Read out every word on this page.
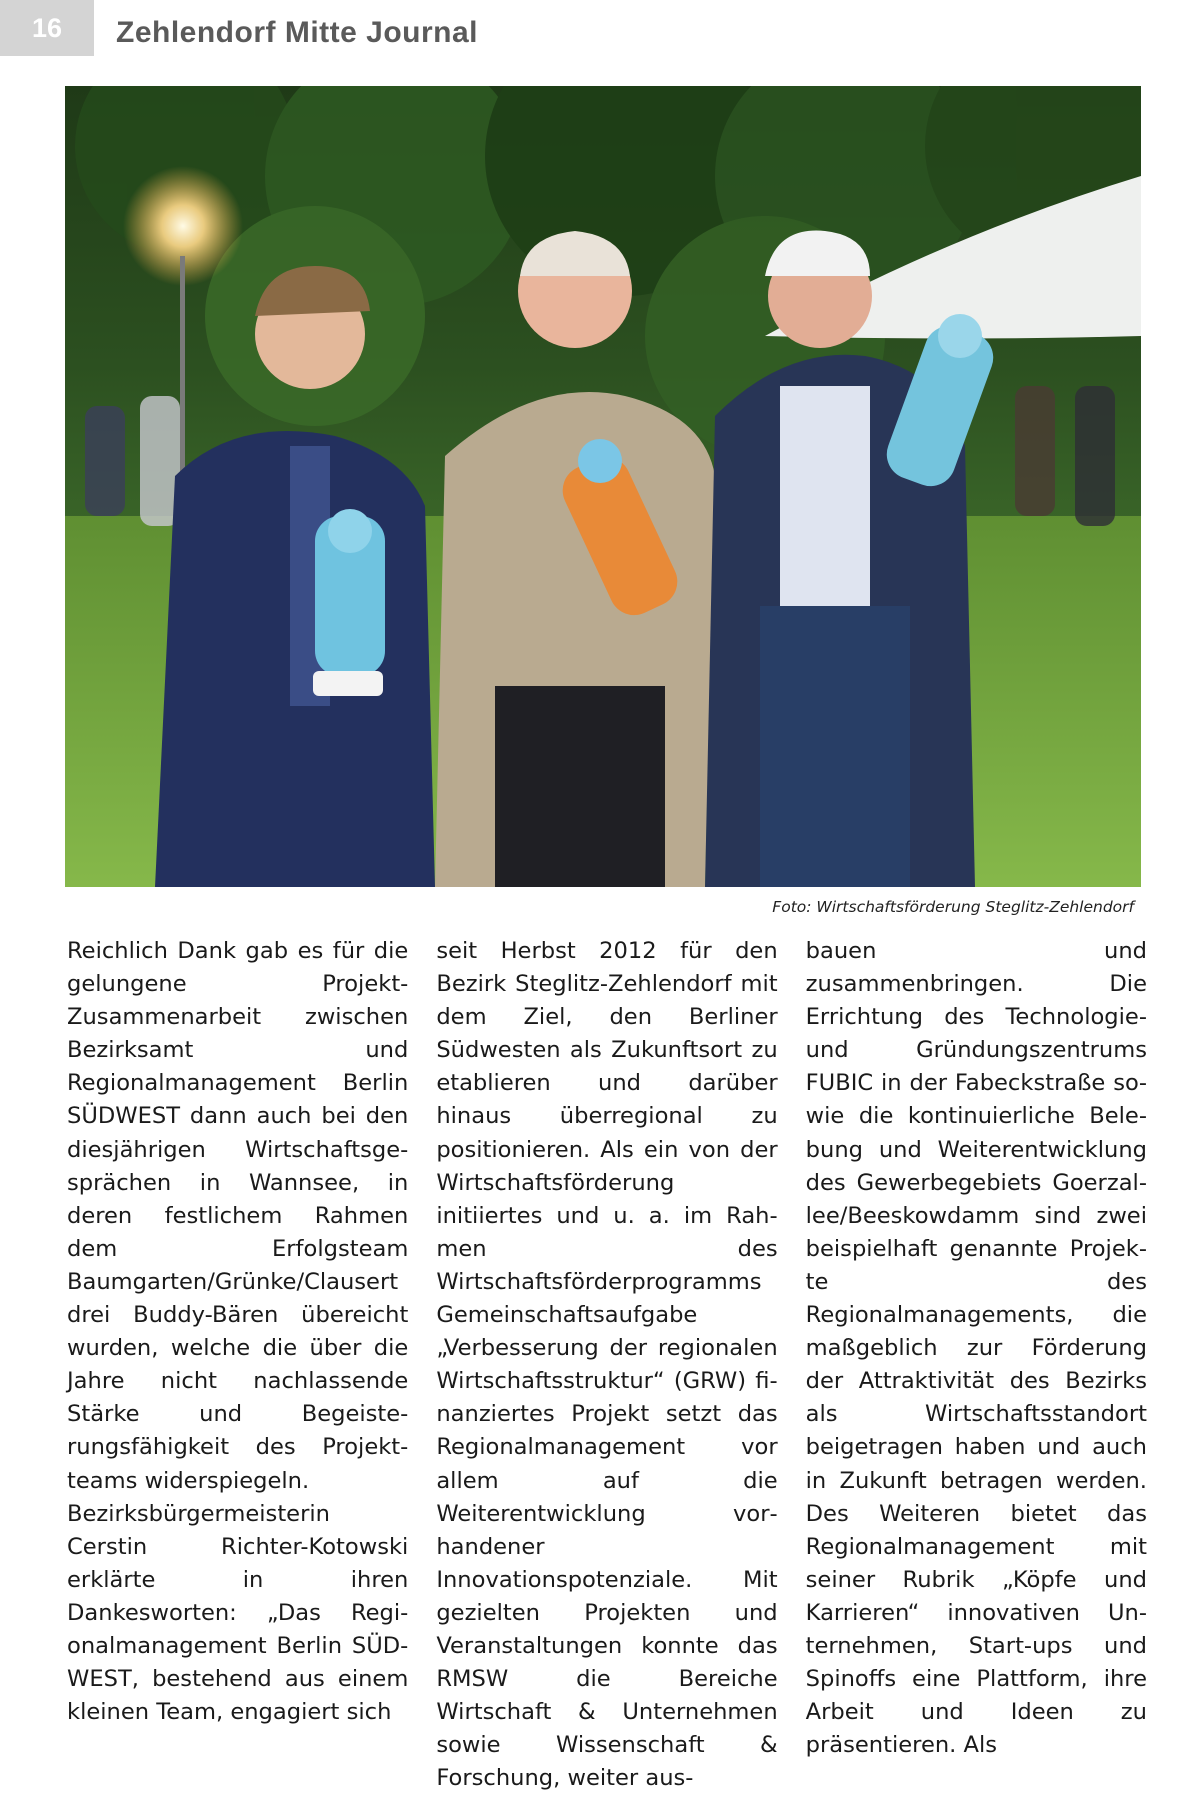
16	Zehlendorf Mitte Journal
Foto: Wirtschaftsförderung Steglitz-Zehlendorf

Reichlich Dank gab es für die gelungene Projekt-Zusammenarbeit zwischen Bezirksamt und Regionalmanagement Berlin SÜDWEST dann auch bei den diesjährigen Wirtschaftsgesprächen in Wannsee, in deren festlichem Rahmen dem Erfolgsteam Baumgarten/Grünke/Clausert drei Buddy-Bären übereicht wurden, welche die über die Jahre nicht nachlassende Stärke und Begeisterungsfähigkeit des Projektteams widerspiegeln.

Bezirksbürgermeisterin Cerstin Richter-Kotowski erklärte in ihren Dankesworten: „Das Regionalmanagement Berlin SÜDWEST, bestehend aus einem kleinen Team, engagiert sich

seit Herbst 2012 für den Bezirk Steglitz-Zehlendorf mit dem Ziel, den Berliner Südwesten als Zukunftsort zu etablieren und darüber hinaus überregional zu positionieren. Als ein von der Wirtschaftsförderung initiiertes und u. a. im Rahmen des Wirtschaftsförderprogramms Gemeinschaftsaufgabe „Verbesserung der regionalen Wirtschaftsstruktur“ (GRW) finanziertes Projekt setzt das Regionalmanagement vor allem auf die Weiterentwicklung vorhandener Innovationspotenziale. Mit gezielten Projekten und Veranstaltungen konnte das RMSW die Bereiche Wirtschaft & Unternehmen sowie Wissenschaft & Forschung, weiter aus-

bauen und zusammenbringen. Die Errichtung des Technologie- und Gründungszentrums FUBIC in der Fabeckstraße sowie die kontinuierliche Belebung und Weiterentwicklung des Gewerbegebiets Goerzallee/Beeskowdamm sind zwei beispielhaft genannte Projekte des Regionalmanagements, die maßgeblich zur Förderung der Attraktivität des Bezirks als Wirtschaftsstandort beigetragen haben und auch in Zukunft betragen werden. Des Weiteren bietet das Regionalmanagement mit seiner Rubrik „Köpfe und Karrieren“ innovativen Unternehmen, Start-ups und Spinoffs eine Plattform, ihre Arbeit und Ideen zu präsentieren. Als
